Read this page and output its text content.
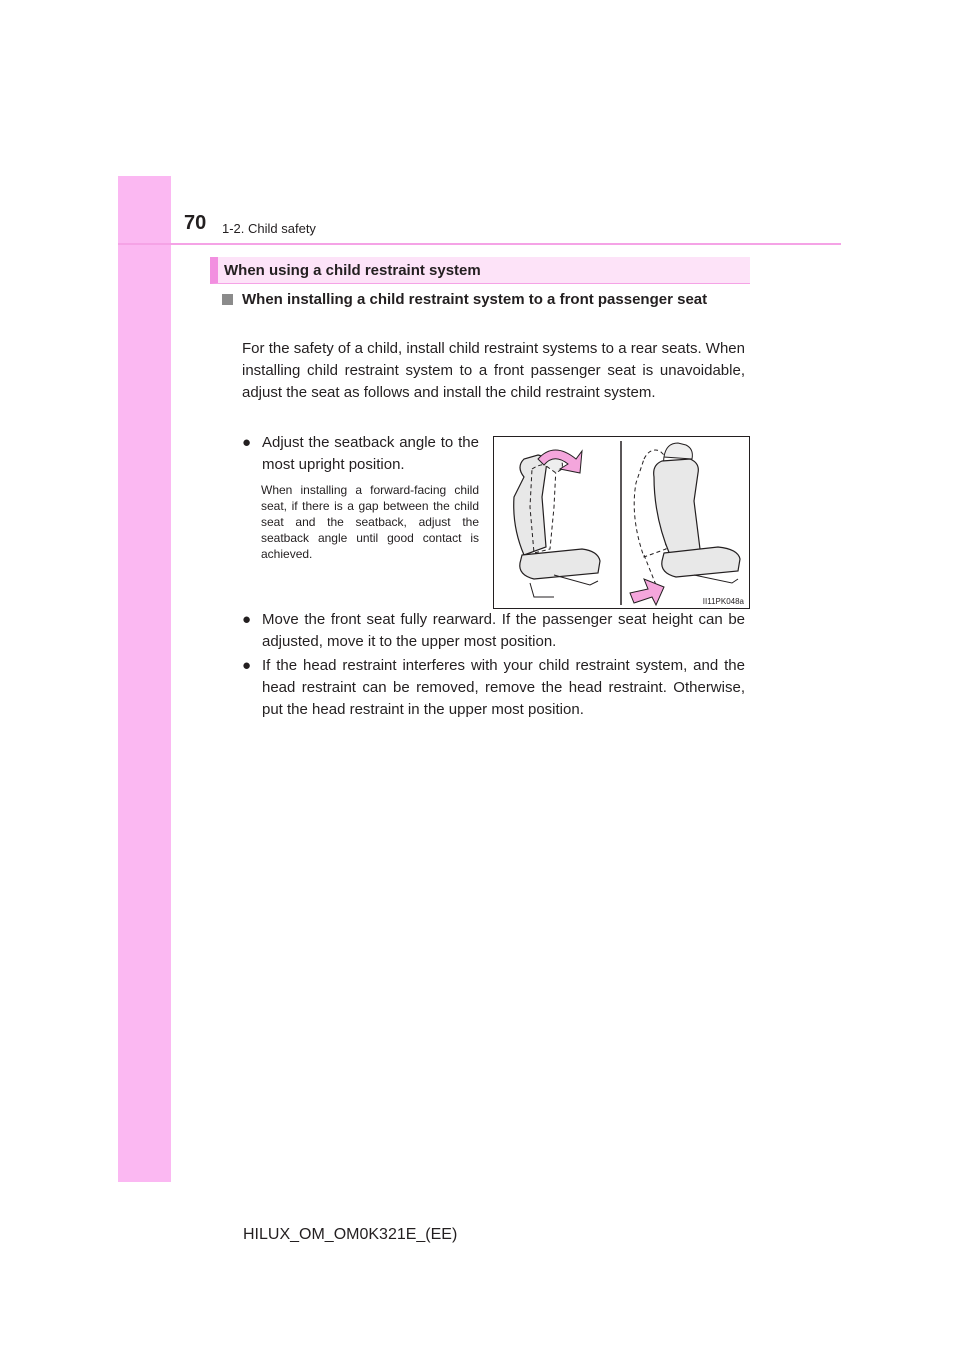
70 1-2. Child safety
When using a child restraint system
When installing a child restraint system to a front passenger seat
For the safety of a child, install child restraint systems to a rear seats. When installing child restraint system to a front passenger seat is unavoidable, adjust the seat as follows and install the child restraint system.
● Adjust the seatback angle to the most upright position.
When installing a forward-facing child seat, if there is a gap between the child seat and the seatback, adjust the seatback angle until good contact is achieved.
II11PK048a
● Move the front seat fully rearward. If the passenger seat height can be adjusted, move it to the upper most position.
● If the head restraint interferes with your child restraint system, and the head restraint can be removed, remove the head restraint. Otherwise, put the head restraint in the upper most position.
HILUX_OM_OM0K321E_(EE)
